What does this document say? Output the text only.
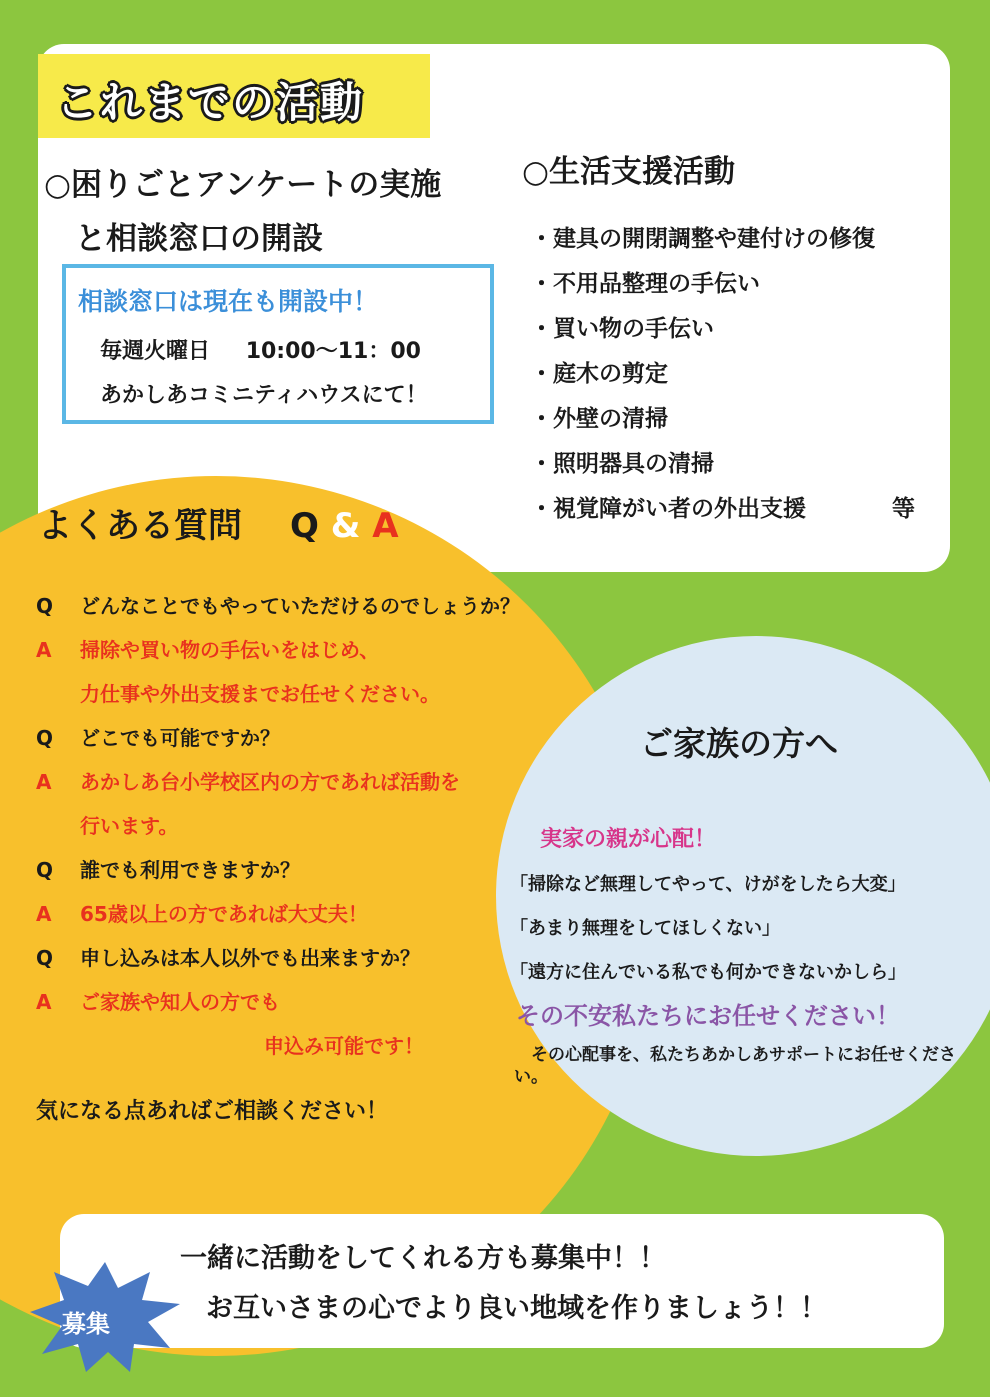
これまでの活動
○困りごとアンケートの実施
　と相談窓口の開設
相談窓口は現在も開設中！
毎週火曜日 10:00～11：00
あかしあコミニティハウスにて！
○生活支援活動
・建具の開閉調整や建付けの修復
・不用品整理の手伝い
・買い物の手伝い
・庭木の剪定
・外壁の清掃
・照明器具の清掃
・視覚障がい者の外出支援	等
よくある質問 Q & A
Q	どんなことでもやっていただけるのでしょうか？
A	掃除や買い物の手伝いをはじめ、
力仕事や外出支援までお任せください。
Q	どこでも可能ですか？
A	あかしあ台小学校区内の方であれば活動を
行います。
Q	誰でも利用できますか？
A	65歳以上の方であれば大丈夫！
Q	申し込みは本人以外でも出来ますか？
A	ご家族や知人の方でも
申込み可能です！
気になる点あればご相談ください！
ご家族の方へ
実家の親が心配！
「掃除など無理してやって、けがをしたら大変」
「あまり無理をしてほしくない」
「遠方に住んでいる私でも何かできないかしら」
その不安私たちにお任せください！
その心配事を、私たちあかしあサポートにお任せください。
募集
一緒に活動をしてくれる方も募集中！！
お互いさまの心でより良い地域を作りましょう！！
